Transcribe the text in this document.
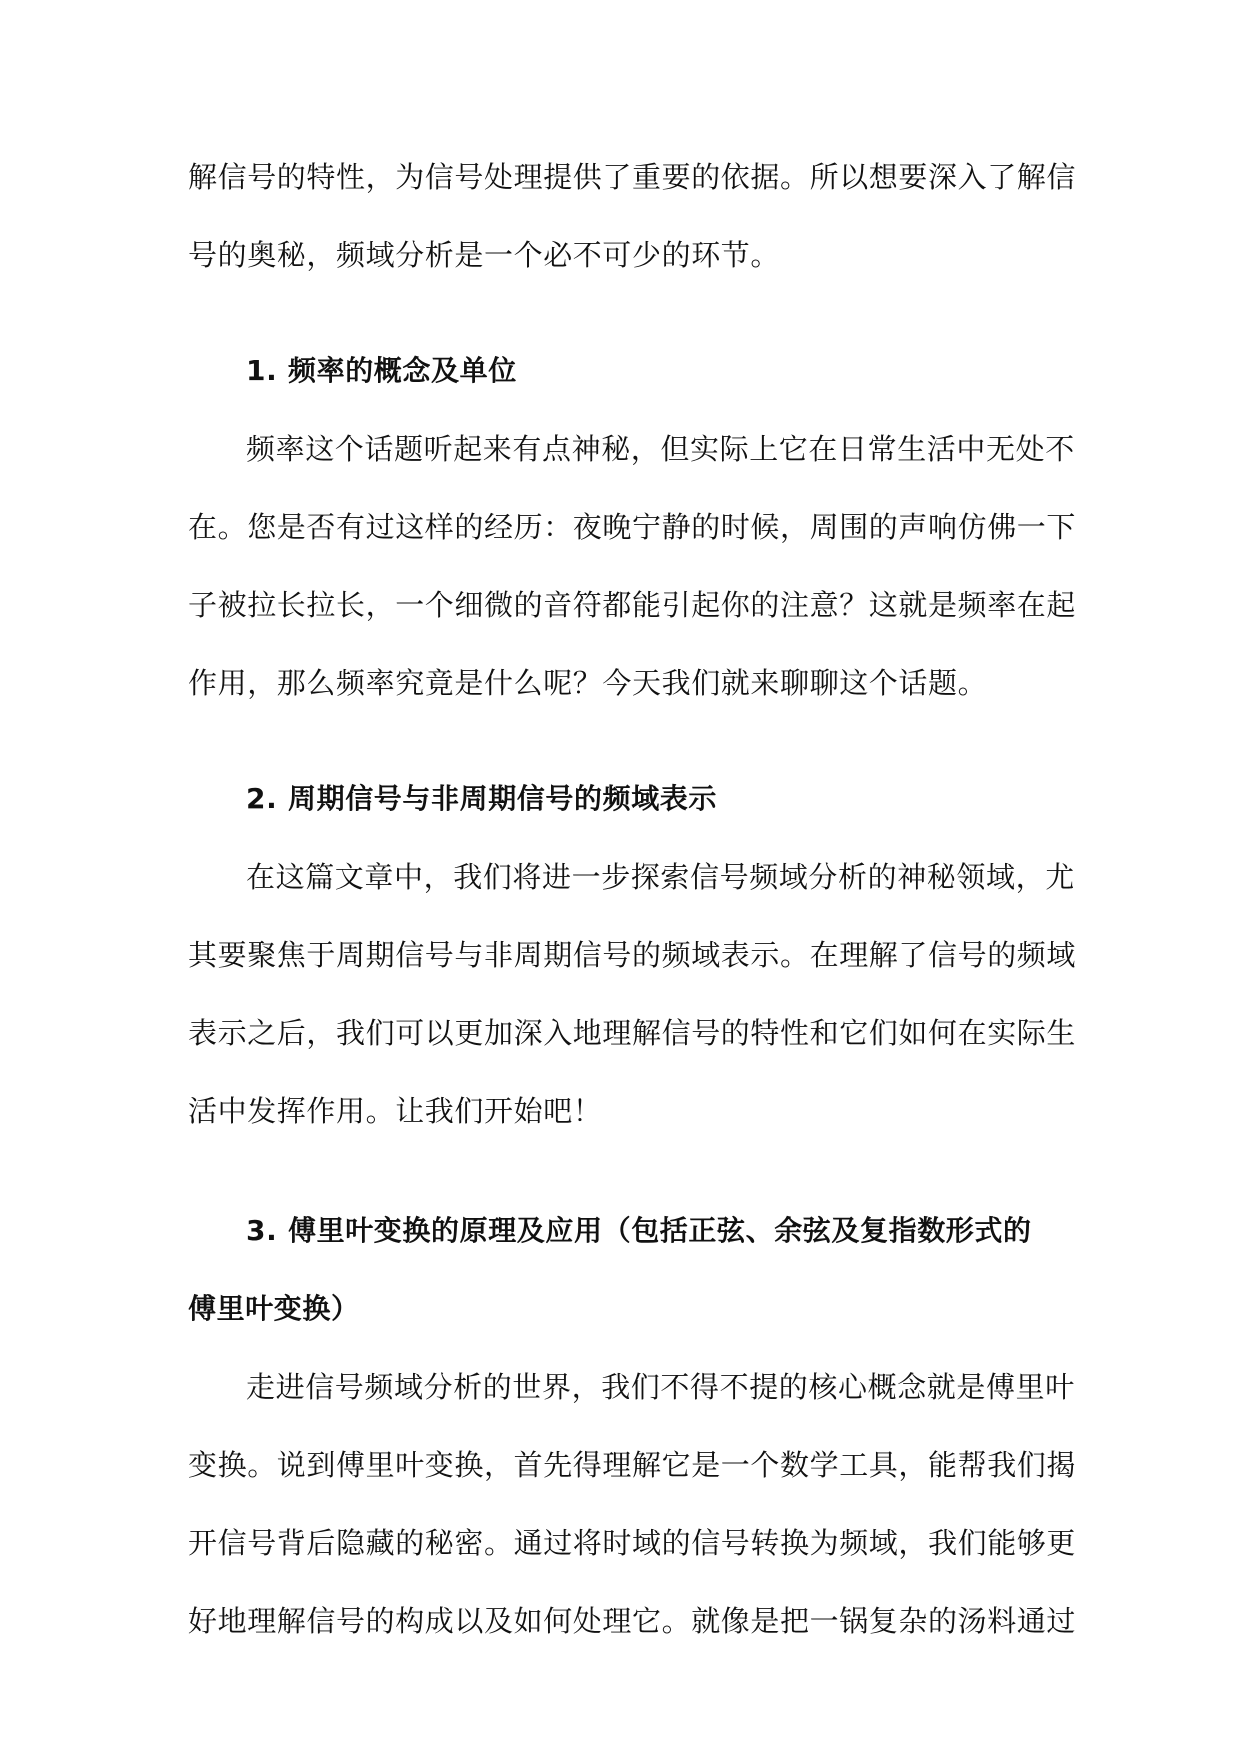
解信号的特性，为信号处理提供了重要的依据。所以想要深入了解信
号的奥秘，频域分析是一个必不可少的环节。
1. 频率的概念及单位
频率这个话题听起来有点神秘，但实际上它在日常生活中无处不
在。您是否有过这样的经历：夜晚宁静的时候，周围的声响仿佛一下
子被拉长拉长，一个细微的音符都能引起你的注意？这就是频率在起
作用，那么频率究竟是什么呢？今天我们就来聊聊这个话题。
2. 周期信号与非周期信号的频域表示
在这篇文章中，我们将进一步探索信号频域分析的神秘领域，尤
其要聚焦于周期信号与非周期信号的频域表示。在理解了信号的频域
表示之后，我们可以更加深入地理解信号的特性和它们如何在实际生
活中发挥作用。让我们开始吧！
3. 傅里叶变换的原理及应用（包括正弦、余弦及复指数形式的
傅里叶变换）
走进信号频域分析的世界，我们不得不提的核心概念就是傅里叶
变换。说到傅里叶变换，首先得理解它是一个数学工具，能帮我们揭
开信号背后隐藏的秘密。通过将时域的信号转换为频域，我们能够更
好地理解信号的构成以及如何处理它。就像是把一锅复杂的汤料通过
